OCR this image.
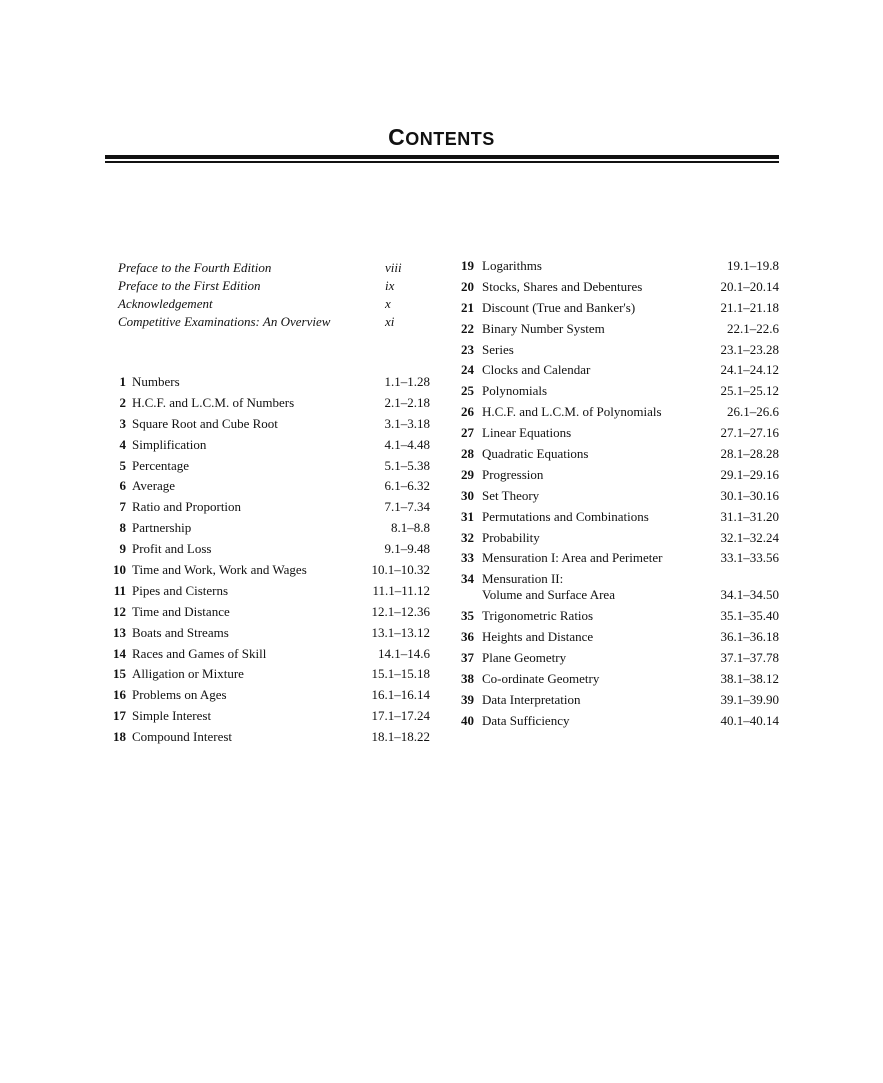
CONTENTS
Preface to the Fourth Edition	viii
Preface to the First Edition	ix
Acknowledgement	x
Competitive Examinations: An Overview	xi
1 Numbers	1.1–1.28
2 H.C.F. and L.C.M. of Numbers	2.1–2.18
3 Square Root and Cube Root	3.1–3.18
4 Simplification	4.1–4.48
5 Percentage	5.1–5.38
6 Average	6.1–6.32
7 Ratio and Proportion	7.1–7.34
8 Partnership	8.1–8.8
9 Profit and Loss	9.1–9.48
10 Time and Work, Work and Wages	10.1–10.32
11 Pipes and Cisterns	11.1–11.12
12 Time and Distance	12.1–12.36
13 Boats and Streams	13.1–13.12
14 Races and Games of Skill	14.1–14.6
15 Alligation or Mixture	15.1–15.18
16 Problems on Ages	16.1–16.14
17 Simple Interest	17.1–17.24
18 Compound Interest	18.1–18.22
19 Logarithms	19.1–19.8
20 Stocks, Shares and Debentures	20.1–20.14
21 Discount (True and Banker's)	21.1–21.18
22 Binary Number System	22.1–22.6
23 Series	23.1–23.28
24 Clocks and Calendar	24.1–24.12
25 Polynomials	25.1–25.12
26 H.C.F. and L.C.M. of Polynomials	26.1–26.6
27 Linear Equations	27.1–27.16
28 Quadratic Equations	28.1–28.28
29 Progression	29.1–29.16
30 Set Theory	30.1–30.16
31 Permutations and Combinations	31.1–31.20
32 Probability	32.1–32.24
33 Mensuration I: Area and Perimeter	33.1–33.56
34 Mensuration II:
Volume and Surface Area	34.1–34.50
35 Trigonometric Ratios	35.1–35.40
36 Heights and Distance	36.1–36.18
37 Plane Geometry	37.1–37.78
38 Co-ordinate Geometry	38.1–38.12
39 Data Interpretation	39.1–39.90
40 Data Sufficiency	40.1–40.14
